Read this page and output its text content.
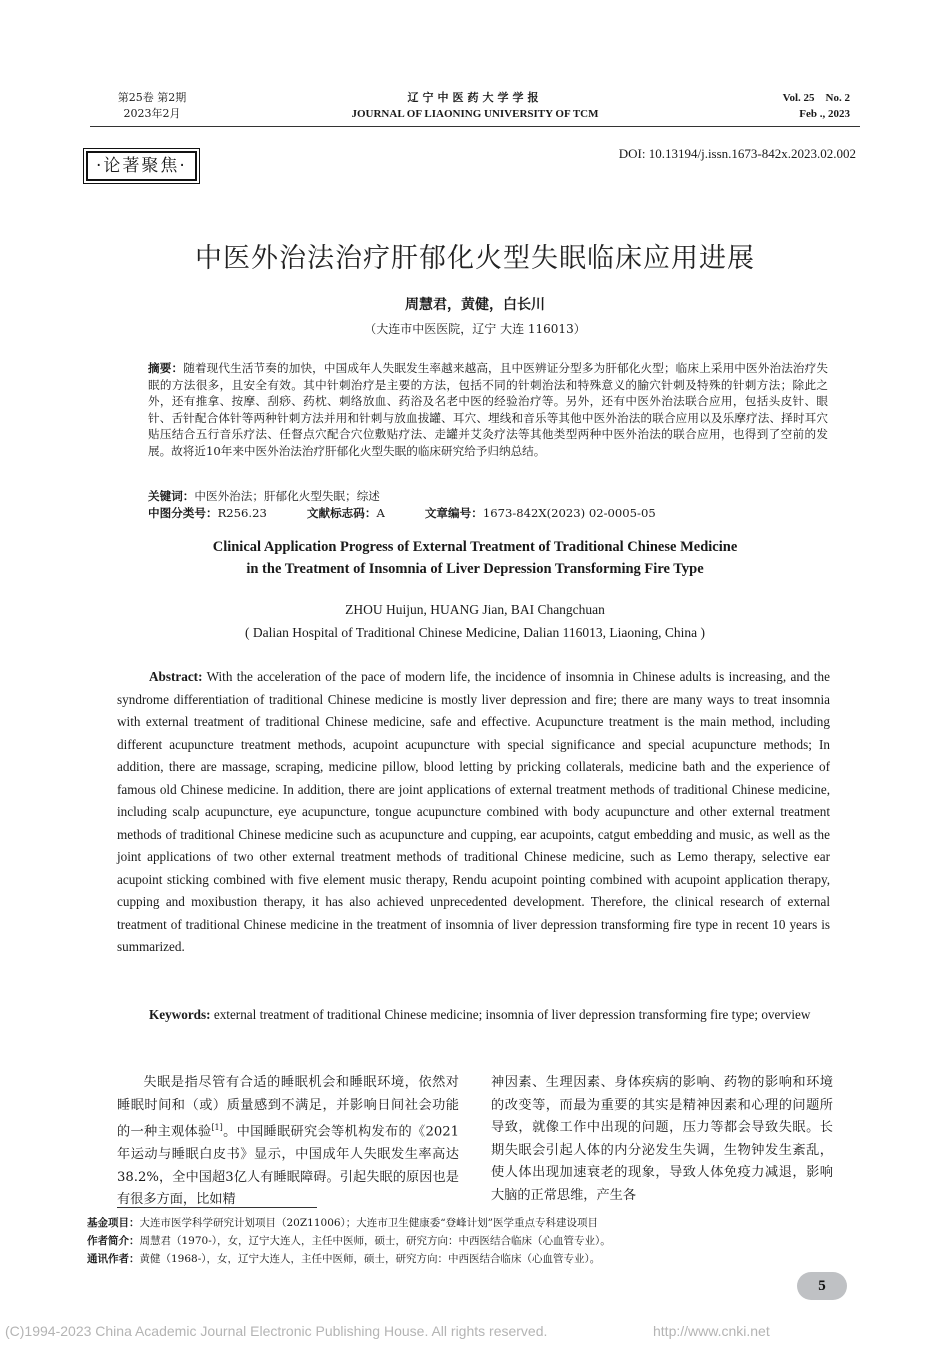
第25卷 第2期
2023年2月
辽宁中医药大学学报
JOURNAL OF LIAONING UNIVERSITY OF TCM
Vol. 25　No. 2
Feb ., 2023
·论著聚焦·
DOI: 10.13194/j.issn.1673-842x.2023.02.002
中医外治法治疗肝郁化火型失眠临床应用进展
周慧君，黄健，白长川
（大连市中医医院，辽宁 大连 116013）
摘要：随着现代生活节奏的加快，中国成年人失眠发生率越来越高，且中医辨证分型多为肝郁化火型；临床上采用中医外治法治疗失眠的方法很多，且安全有效。其中针刺治疗是主要的方法，包括不同的针刺治法和特殊意义的腧穴针刺及特殊的针刺方法；除此之外，还有推拿、按摩、刮痧、药枕、刺络放血、药浴及名老中医的经验治疗等。另外，还有中医外治法联合应用，包括头皮针、眼针、舌针配合体针等两种针刺方法并用和针刺与放血拔罐、耳穴、埋线和音乐等其他中医外治法的联合应用以及乐摩疗法、择时耳穴贴压结合五行音乐疗法、任督点穴配合穴位敷贴疗法、走罐并艾灸疗法等其他类型两种中医外治法的联合应用，也得到了空前的发展。故将近10年来中医外治法治疗肝郁化火型失眠的临床研究给予归纳总结。
关键词：中医外治法；肝郁化火型失眠；综述
中图分类号：R256.23	文献标志码：A	文章编号：1673-842X(2023) 02-0005-05
Clinical Application Progress of External Treatment of Traditional Chinese Medicine
in the Treatment of Insomnia of Liver Depression Transforming Fire Type
ZHOU Huijun, HUANG Jian, BAI Changchuan
( Dalian Hospital of Traditional Chinese Medicine, Dalian 116013, Liaoning, China )
Abstract: With the acceleration of the pace of modern life, the incidence of insomnia in Chinese adults is increasing, and the syndrome differentiation of traditional Chinese medicine is mostly liver depression and fire; there are many ways to treat insomnia with external treatment of traditional Chinese medicine, safe and effective. Acupuncture treatment is the main method, including different acupuncture treatment methods, acupoint acupuncture with special significance and special acupuncture methods; In addition, there are massage, scraping, medicine pillow, blood letting by pricking collaterals, medicine bath and the experience of famous old Chinese medicine. In addition, there are joint applications of external treatment methods of traditional Chinese medicine, including scalp acupuncture, eye acupuncture, tongue acupuncture combined with body acupuncture and other external treatment methods of traditional Chinese medicine such as acupuncture and cupping, ear acupoints, catgut embedding and music, as well as the joint applications of two other external treatment methods of traditional Chinese medicine, such as Lemo therapy, selective ear acupoint sticking combined with five element music therapy, Rendu acupoint pointing combined with acupoint application therapy, cupping and moxibustion therapy, it has also achieved unprecedented development. Therefore, the clinical research of external treatment of traditional Chinese medicine in the treatment of insomnia of liver depression transforming fire type in recent 10 years is summarized.
Keywords: external treatment of traditional Chinese medicine; insomnia of liver depression transforming fire type; overview

失眠是指尽管有合适的睡眠机会和睡眠环境，依然对睡眠时间和（或）质量感到不满足，并影响日间社会功能的一种主观体验[1]。中国睡眠研究会等机构发布的《2021年运动与睡眠白皮书》显示，中国成年人失眠发生率高达38.2%，全中国超3亿人有睡眠障碍。引起失眠的原因也是有很多方面，比如精

神因素、生理因素、身体疾病的影响、药物的影响和环境的改变等，而最为重要的其实是精神因素和心理的问题所导致，就像工作中出现的问题，压力等都会导致失眠。长期失眠会引起人体的内分泌发生失调，生物钟发生紊乱，使人体出现加速衰老的现象，导致人体免疫力减退，影响大脑的正常思维，产生各

基金项目：大连市医学科学研究计划项目（20Z11006）；大连市卫生健康委“登峰计划”医学重点专科建设项目
作者简介：周慧君（1970-），女，辽宁大连人，主任中医师，硕士，研究方向：中西医结合临床（心血管专业）。
通讯作者：黄健（1968-），女，辽宁大连人，主任中医师，硕士，研究方向：中西医结合临床（心血管专业）。
5
(C)1994-2023 China Academic Journal Electronic Publishing House. All rights reserved.	http://www.cnki.net
